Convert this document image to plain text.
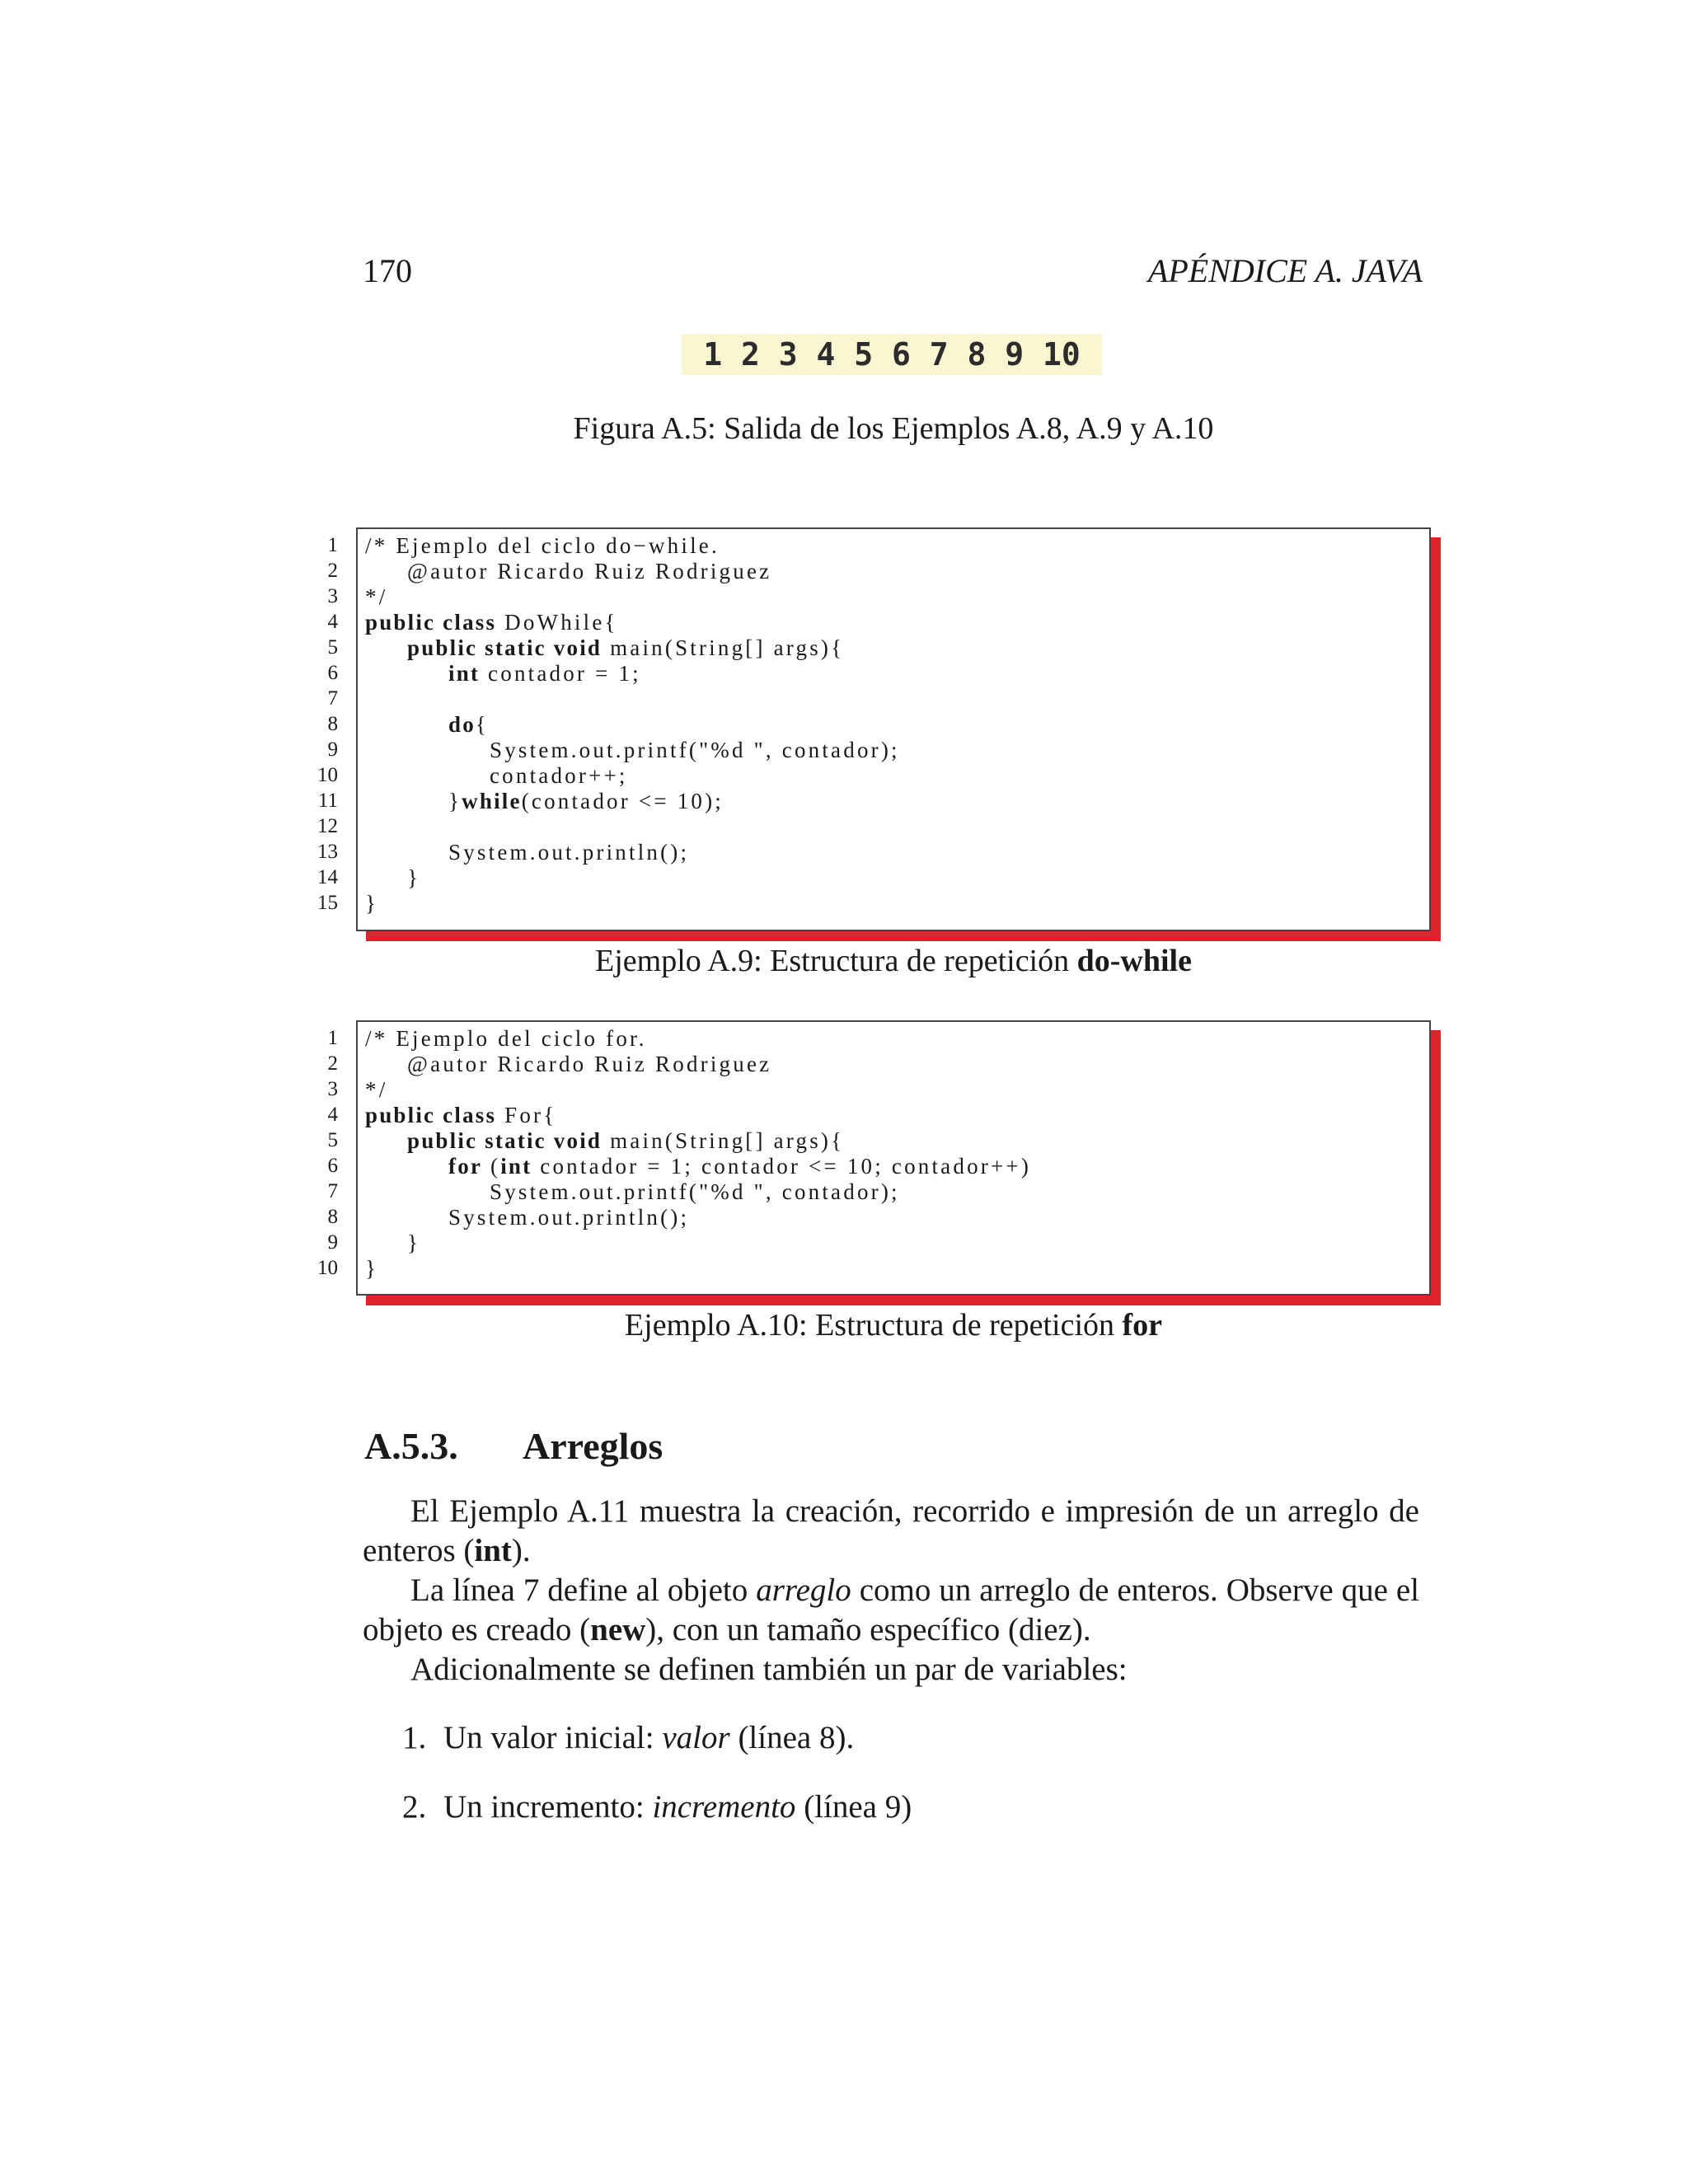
170	APÉNDICE A. JAVA
1 2 3 4 5 6 7 8 9 10
Figura A.5: Salida de los Ejemplos A.8, A.9 y A.10
1
2
3
4
5
6
7
8
9
10
11
12
13
14
15
/* Ejemplo del ciclo do−while.
@autor Ricardo Ruiz Rodriguez
*/
public class DoWhile{
public static void main(String[] args){
int contador = 1;
do{
System.out.printf("%d ", contador);
contador++;
}while(contador <= 10);
System.out.println();
}
}
Ejemplo A.9: Estructura de repetición do-while
1
2
3
4
5
6
7
8
9
10
/* Ejemplo del ciclo for.
@autor Ricardo Ruiz Rodriguez
*/
public class For{
public static void main(String[] args){
for (int contador = 1; contador <= 10; contador++)
System.out.printf("%d ", contador);
System.out.println();
}
}
Ejemplo A.10: Estructura de repetición for
A.5.3. Arreglos
El Ejemplo A.11 muestra la creación, recorrido e impresión de un arreglo de enteros (int).
La línea 7 define al objeto arreglo como un arreglo de enteros. Observe que el objeto es creado (new), con un tamaño específico (diez).
Adicionalmente se definen también un par de variables:
1. Un valor inicial: valor (línea 8).
2. Un incremento: incremento (línea 9)
